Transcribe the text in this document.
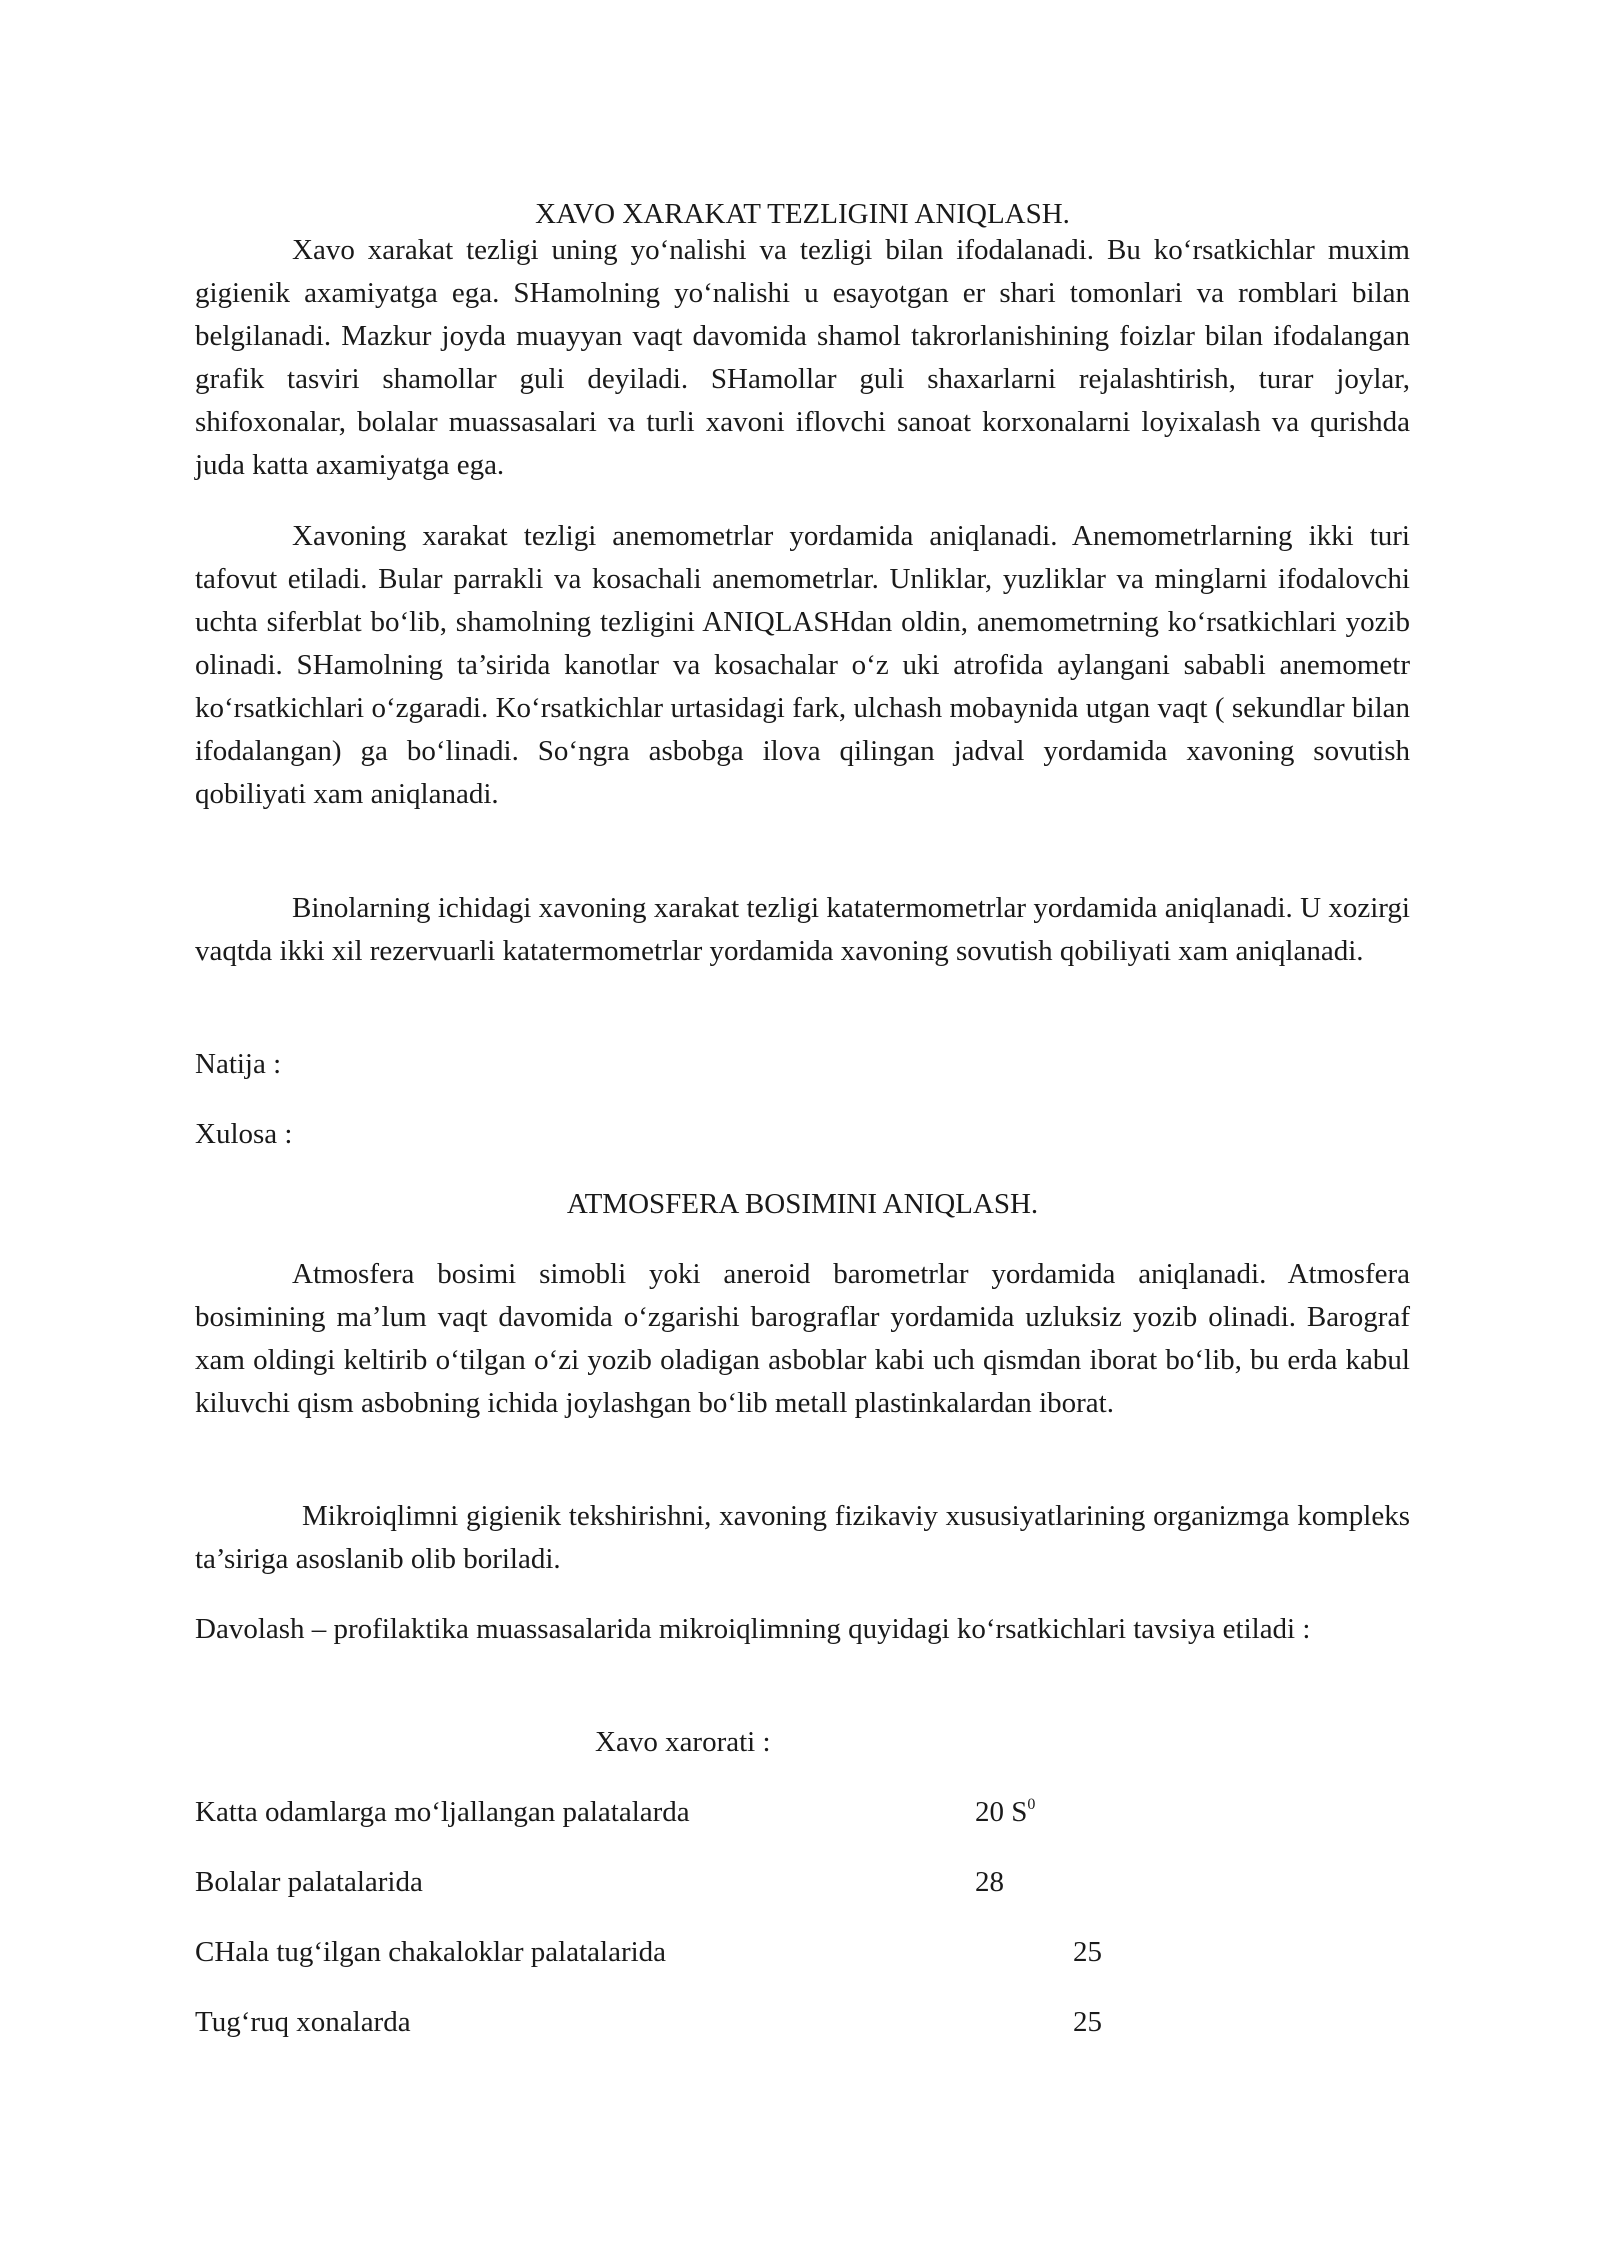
XAVO XARAKAT TEZLIGINI ANIQLASH.

Xavo xarakat tezligi uning yo‘nalishi va tezligi bilan ifodalanadi. Bu ko‘rsatkichlar muxim gigienik axamiyatga ega. SHamolning yo‘nalishi u esayotgan er shari tomonlari va romblari bilan belgilanadi. Mazkur joyda muayyan vaqt davomida shamol takrorlanishining foizlar bilan ifodalangan grafik tasviri shamollar guli deyiladi. SHamollar guli shaxarlarni rejalashtirish, turar joylar, shifoxonalar, bolalar muassasalari va turli xavoni iflovchi sanoat korxonalarni loyixalash va qurishda juda katta axamiyatga ega.

Xavoning xarakat tezligi anemometrlar yordamida aniqlanadi. Anemometrlarning ikki turi tafovut etiladi. Bular parrakli va kosachali anemometrlar. Unliklar, yuzliklar va minglarni ifodalovchi uchta siferblat bo‘lib, shamolning tezligini ANIQLASHdan oldin, anemometrning ko‘rsatkichlari yozib olinadi. SHamolning ta’sirida kanotlar va kosachalar o‘z uki atrofida aylangani sababli anemometr ko‘rsatkichlari o‘zgaradi. Ko‘rsatkichlar urtasidagi fark, ulchash mobaynida utgan vaqt ( sekundlar bilan ifodalangan) ga bo‘linadi. So‘ngra asbobga ilova qilingan jadval yordamida xavoning sovutish qobiliyati xam aniqlanadi.

Binolarning ichidagi xavoning xarakat tezligi katatermometrlar yordamida aniqlanadi. U xozirgi vaqtda ikki xil rezervuarli katatermometrlar yordamida xavoning sovutish qobiliyati xam aniqlanadi.

Natija :
Xulosa :
ATMOSFERA BOSIMINI ANIQLASH.

Atmosfera bosimi simobli yoki aneroid barometrlar yordamida aniqlanadi. Atmosfera bosimining ma’lum vaqt davomida o‘zgarishi barograflar yordamida uzluksiz yozib olinadi. Barograf xam oldingi keltirib o‘tilgan o‘zi yozib oladigan asboblar kabi uch qismdan iborat bo‘lib, bu erda kabul kiluvchi qism asbobning ichida joylashgan bo‘lib metall plastinkalardan iborat.

Mikroiqlimni gigienik tekshirishni, xavoning fizikaviy xususiyatlarining organizmga kompleks ta’siriga asoslanib olib boriladi.

Davolash – profilaktika muassasalarida mikroiqlimning quyidagi ko‘rsatkichlari tavsiya etiladi :

Xavo xarorati :
Katta odamlarga mo‘ljallangan palatalarda	20 $S^0$
Bolalar palatalarida	28
CHala tug‘ilgan chakaloklar palatalarida	25
Tug‘ruq xonalarda	25
